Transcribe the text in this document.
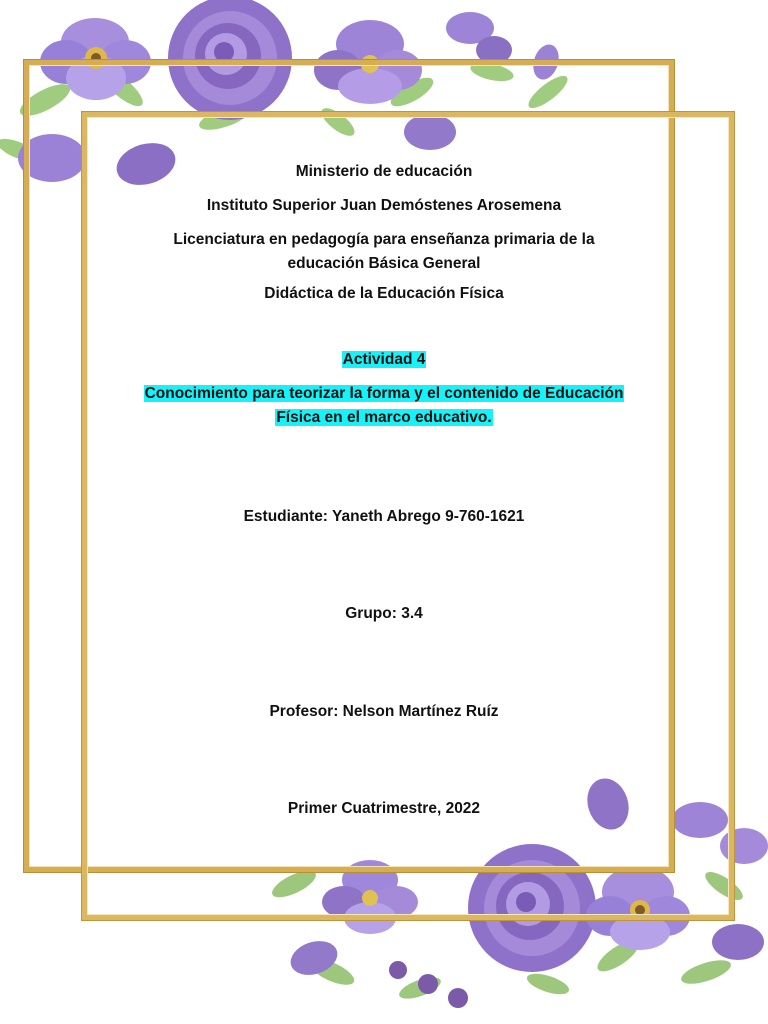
Ministerio de educación
Instituto Superior Juan Demóstenes Arosemena
Licenciatura en pedagogía para enseñanza primaria de la
educación Básica General
Didáctica de la Educación Física
Actividad 4
Conocimiento para teorizar la forma y el contenido de Educación
Física en el marco educativo.
Estudiante: Yaneth Abrego 9-760-1621
Grupo: 3.4
Profesor: Nelson Martínez Ruíz
Primer Cuatrimestre, 2022
